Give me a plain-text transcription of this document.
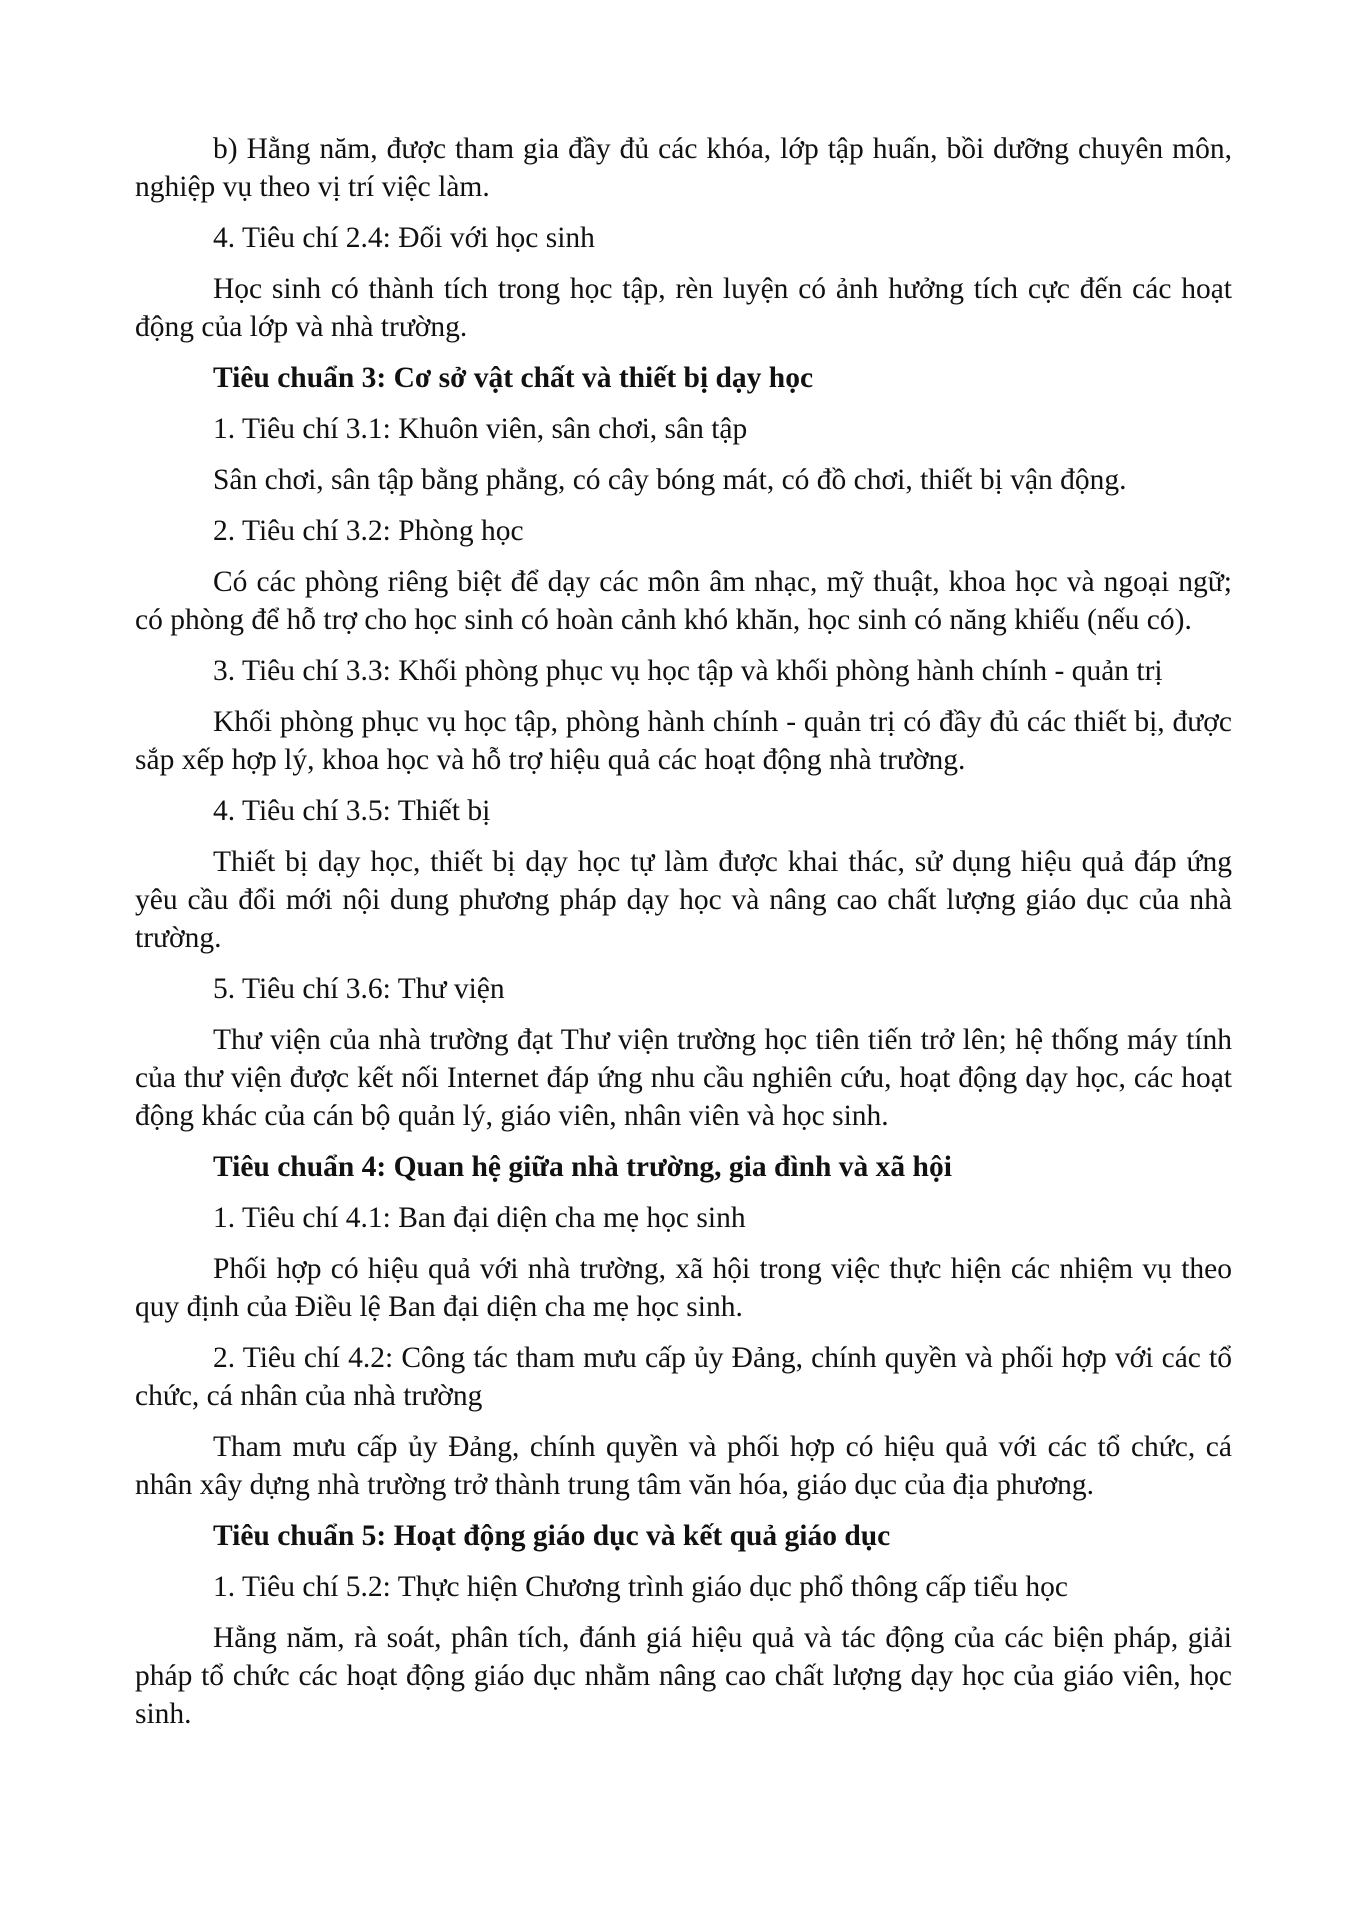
b) Hằng năm, được tham gia đầy đủ các khóa, lớp tập huấn, bồi dưỡng chuyên môn, nghiệp vụ theo vị trí việc làm.

4. Tiêu chí 2.4: Đối với học sinh

Học sinh có thành tích trong học tập, rèn luyện có ảnh hưởng tích cực đến các hoạt động của lớp và nhà trường.

Tiêu chuẩn 3: Cơ sở vật chất và thiết bị dạy học

1. Tiêu chí 3.1: Khuôn viên, sân chơi, sân tập

Sân chơi, sân tập bằng phẳng, có cây bóng mát, có đồ chơi, thiết bị vận động.

2. Tiêu chí 3.2: Phòng học

Có các phòng riêng biệt để dạy các môn âm nhạc, mỹ thuật, khoa học và ngoại ngữ; có phòng để hỗ trợ cho học sinh có hoàn cảnh khó khăn, học sinh có năng khiếu (nếu có).

3. Tiêu chí 3.3: Khối phòng phục vụ học tập và khối phòng hành chính - quản trị

Khối phòng phục vụ học tập, phòng hành chính - quản trị có đầy đủ các thiết bị, được sắp xếp hợp lý, khoa học và hỗ trợ hiệu quả các hoạt động nhà trường.

4. Tiêu chí 3.5: Thiết bị

Thiết bị dạy học, thiết bị dạy học tự làm được khai thác, sử dụng hiệu quả đáp ứng yêu cầu đổi mới nội dung phương pháp dạy học và nâng cao chất lượng giáo dục của nhà trường.

5. Tiêu chí 3.6: Thư viện

Thư viện của nhà trường đạt Thư viện trường học tiên tiến trở lên; hệ thống máy tính của thư viện được kết nối Internet đáp ứng nhu cầu nghiên cứu, hoạt động dạy học, các hoạt động khác của cán bộ quản lý, giáo viên, nhân viên và học sinh.

Tiêu chuẩn 4: Quan hệ giữa nhà trường, gia đình và xã hội

1. Tiêu chí 4.1: Ban đại diện cha mẹ học sinh

Phối hợp có hiệu quả với nhà trường, xã hội trong việc thực hiện các nhiệm vụ theo quy định của Điều lệ Ban đại diện cha mẹ học sinh.

2. Tiêu chí 4.2: Công tác tham mưu cấp ủy Đảng, chính quyền và phối hợp với các tổ chức, cá nhân của nhà trường

Tham mưu cấp ủy Đảng, chính quyền và phối hợp có hiệu quả với các tổ chức, cá nhân xây dựng nhà trường trở thành trung tâm văn hóa, giáo dục của địa phương.

Tiêu chuẩn 5: Hoạt động giáo dục và kết quả giáo dục

1. Tiêu chí 5.2: Thực hiện Chương trình giáo dục phổ thông cấp tiểu học

Hằng năm, rà soát, phân tích, đánh giá hiệu quả và tác động của các biện pháp, giải pháp tổ chức các hoạt động giáo dục nhằm nâng cao chất lượng dạy học của giáo viên, học sinh.
